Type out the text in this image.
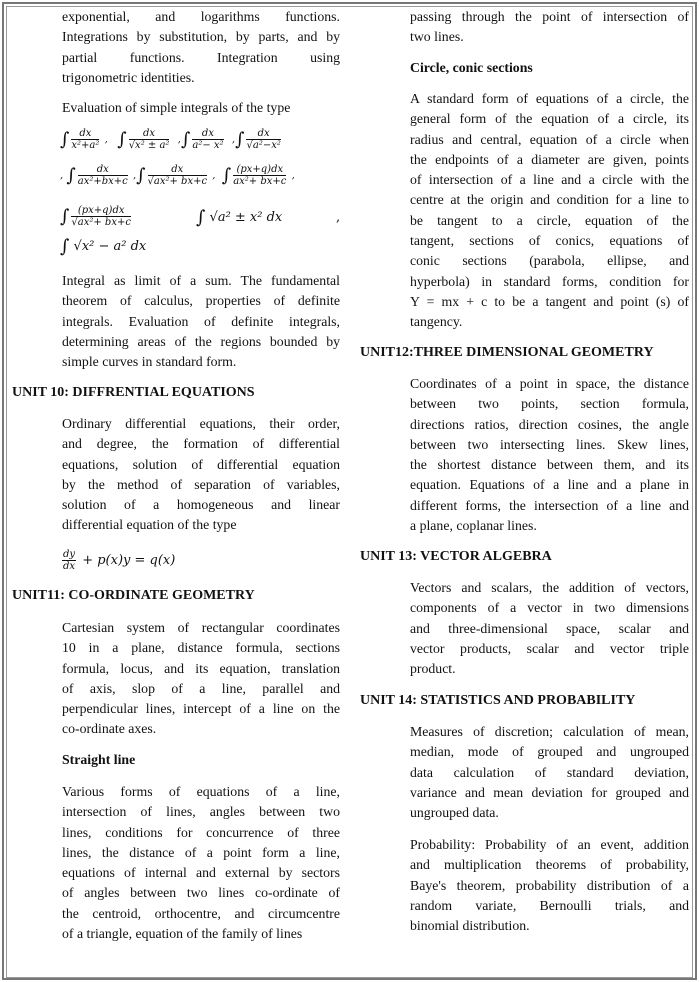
exponential, and logarithms functions.
Integrations by substitution, by parts, and by
partial functions. Integration using
trigonometric identities.
Evaluation of simple integrals of the type
∫ $\frac{dx}{\text{x²+a²}}$ ,   ∫ $\frac{dx}{\text{√x² ± a²}}$ ,∫ $\frac{dx}{\text{a²− x²}}$ ,∫ $\frac{dx}{\text{√a²−x²}}$
, ∫ $\frac{dx}{\text{ax²+bx+c}}$ ,∫ $\frac{dx}{\text{√ax²+ bx+c}}$ ,  ∫ $\frac{(px+q)dx}{\text{ax²+ bx+c}}$ ,
∫ $\frac{(px+q)dx}{\text{√ax²+ bx+c}}$	∫ √a² ± x² dx	,
∫ √x² − a² dx
Integral as limit of a sum. The fundamental
theorem of calculus, properties of definite
integrals. Evaluation of definite integrals,
determining areas of the regions bounded by
simple curves in standard form.
UNIT 10: DIFFRENTIAL EQUATIONS
Ordinary differential equations, their order,
and degree, the formation of differential
equations, solution of differential equation
by the method of separation of variables,
solution of a homogeneous and linear
differential equation of the type
$\frac{dy}{dx} + p(x)y = q(x)$
UNIT11: CO-ORDINATE GEOMETRY
Cartesian system of rectangular coordinates
10 in a plane, distance formula, sections
formula, locus, and its equation, translation
of axis, slop of a line, parallel and
perpendicular lines, intercept of a line on the
co-ordinate axes.
Straight line
Various forms of equations of a line,
intersection of lines, angles between two
lines, conditions for concurrence of three
lines, the distance of a point form a line,
equations of internal and external by sectors
of angles between two lines co-ordinate of
the centroid, orthocentre, and circumcentre
of a triangle, equation of the family of lines
passing through the point of intersection of
two lines.
Circle, conic sections
A standard form of equations of a circle, the
general form of the equation of a circle, its
radius and central, equation of a circle when
the endpoints of a diameter are given, points
of intersection of a line and a circle with the
centre at the origin and condition for a line to
be tangent to a circle, equation of the
tangent, sections of conics, equations of
conic sections (parabola, ellipse, and
hyperbola) in standard forms, condition for
Y = mx + c to be a tangent and point (s) of
tangency.
UNIT12:THREE DIMENSIONAL GEOMETRY
Coordinates of a point in space, the distance
between two points, section formula,
directions ratios, direction cosines, the angle
between two intersecting lines. Skew lines,
the shortest distance between them, and its
equation. Equations of a line and a plane in
different forms, the intersection of a line and
a plane, coplanar lines.
UNIT 13: VECTOR ALGEBRA
Vectors and scalars, the addition of vectors,
components of a vector in two dimensions
and three-dimensional space, scalar and
vector products, scalar and vector triple
product.
UNIT 14: STATISTICS AND PROBABILITY
Measures of discretion; calculation of mean,
median, mode of grouped and ungrouped
data calculation of standard deviation,
variance and mean deviation for grouped and
ungrouped data.
Probability: Probability of an event, addition
and multiplication theorems of probability,
Baye's theorem, probability distribution of a
random variate, Bernoulli trials, and
binomial distribution.
